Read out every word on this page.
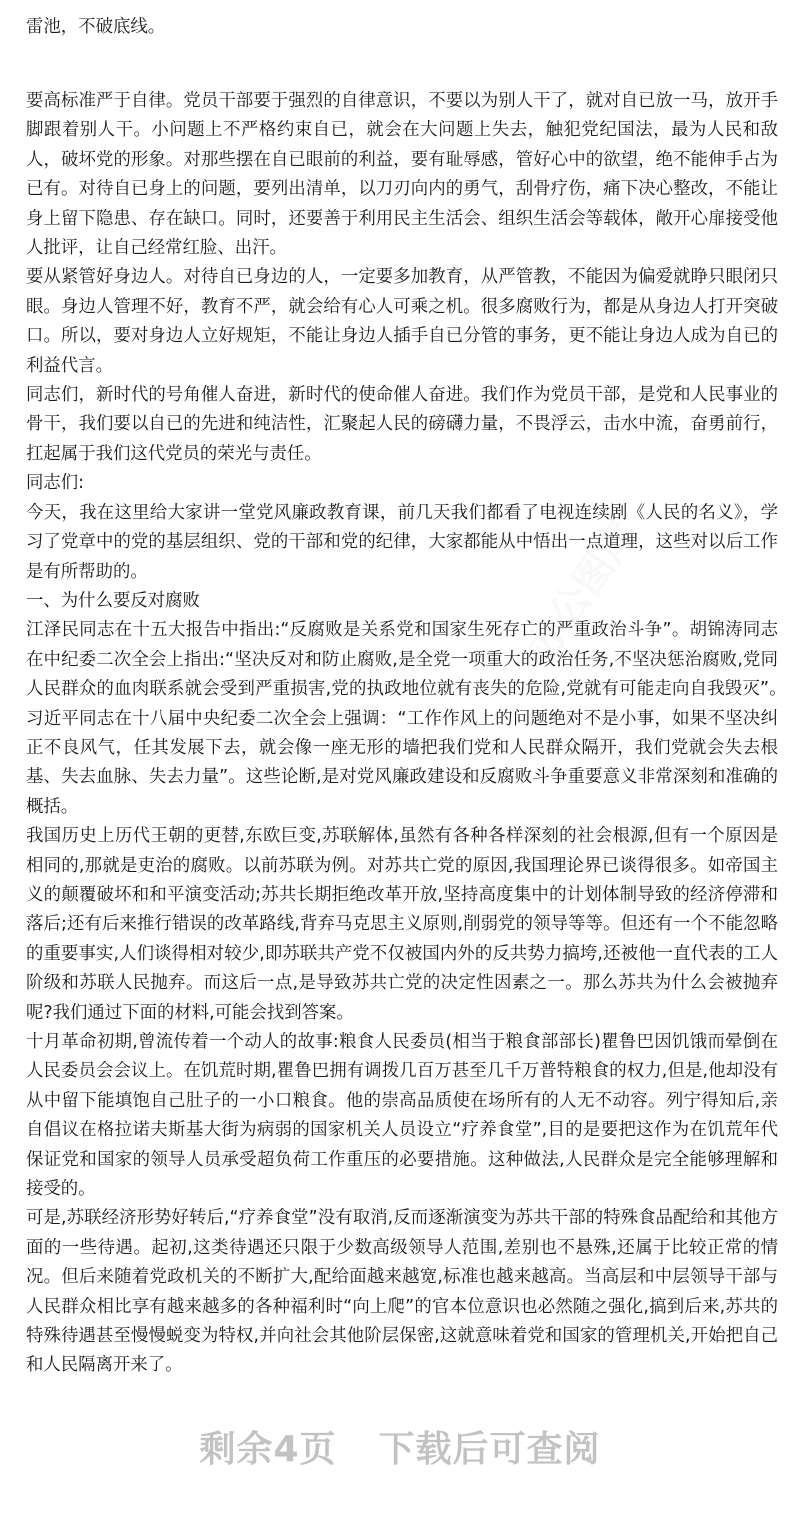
雷池，不破底线。
办公图库

要高标准严于自律。党员干部要于强烈的自律意识，不要以为别人干了，就对自已放一马，放开手脚跟着别人干。小问题上不严格约束自已，就会在大问题上失去，触犯党纪国法，最为人民和敌人，破坏党的形象。对那些摆在自已眼前的利益，要有耻辱感，管好心中的欲望，绝不能伸手占为已有。对待自已身上的问题，要列出清单，以刀刃向内的勇气，刮骨疗伤，痛下决心整改，不能让身上留下隐患、存在缺口。同时，还要善于利用民主生活会、组织生活会等载体，敞开心扉接受他人批评，让自己经常红脸、出汗。

要从紧管好身边人。对待自已身边的人，一定要多加教育，从严管教，不能因为偏爱就睁只眼闭只眼。身边人管理不好，教育不严，就会给有心人可乘之机。很多腐败行为，都是从身边人打开突破口。所以，要对身边人立好规矩，不能让身边人插手自已分管的事务，更不能让身边人成为自已的利益代言。

同志们，新时代的号角催人奋进，新时代的使命催人奋进。我们作为党员干部，是党和人民事业的骨干，我们要以自已的先进和纯洁性，汇聚起人民的磅礴力量，不畏浮云，击水中流，奋勇前行，扛起属于我们这代党员的荣光与责任。

同志们:

今天，我在这里给大家讲一堂党风廉政教育课，前几天我们都看了电视连续剧《人民的名义》，学习了党章中的党的基层组织、党的干部和党的纪律，大家都能从中悟出一点道理，这些对以后工作是有所帮助的。

一、为什么要反对腐败

江泽民同志在十五大报告中指出:“反腐败是关系党和国家生死存亡的严重政治斗争”。胡锦涛同志在中纪委二次全会上指出:“坚决反对和防止腐败,是全党一项重大的政治任务,不坚决惩治腐败,党同人民群众的血肉联系就会受到严重损害,党的执政地位就有丧失的危险,党就有可能走向自我毁灭”。　习近平同志在十八届中央纪委二次全会上强调：“工作作风上的问题绝对不是小事，如果不坚决纠正不良风气，任其发展下去，就会像一座无形的墙把我们党和人民群众隔开，我们党就会失去根基、失去血脉、失去力量”。这些论断,是对党风廉政建设和反腐败斗争重要意义非常深刻和准确的概括。

我国历史上历代王朝的更替,东欧巨变,苏联解体,虽然有各种各样深刻的社会根源,但有一个原因是相同的,那就是吏治的腐败。以前苏联为例。对苏共亡党的原因,我国理论界已谈得很多。如帝国主义的颠覆破坏和和平演变活动;苏共长期拒绝改革开放,坚持高度集中的计划体制导致的经济停滞和落后;还有后来推行错误的改革路线,背弃马克思主义原则,削弱党的领导等等。但还有一个不能忽略的重要事实,人们谈得相对较少,即苏联共产党不仅被国内外的反共势力搞垮,还被他一直代表的工人阶级和苏联人民抛弃。而这后一点,是导致苏共亡党的决定性因素之一。那么苏共为什么会被抛弃呢?我们通过下面的材料,可能会找到答案。

十月革命初期,曾流传着一个动人的故事:粮食人民委员(相当于粮食部部长)瞿鲁巴因饥饿而晕倒在人民委员会会议上。在饥荒时期,瞿鲁巴拥有调拨几百万甚至几千万普特粮食的权力,但是,他却没有从中留下能填饱自己肚子的一小口粮食。他的崇高品质使在场所有的人无不动容。列宁得知后,亲自倡议在格拉诺夫斯基大街为病弱的国家机关人员设立“疗养食堂”,目的是要把这作为在饥荒年代保证党和国家的领导人员承受超负荷工作重压的必要措施。这种做法,人民群众是完全能够理解和接受的。

可是,苏联经济形势好转后,“疗养食堂”没有取消,反而逐渐演变为苏共干部的特殊食品配给和其他方面的一些待遇。起初,这类待遇还只限于少数高级领导人范围,差别也不悬殊,还属于比较正常的情况。但后来随着党政机关的不断扩大,配给面越来越宽,标准也越来越高。当高层和中层领导干部与人民群众相比享有越来越多的各种福利时“向上爬”的官本位意识也必然随之强化,搞到后来,苏共的特殊待遇甚至慢慢蜕变为特权,并向社会其他阶层保密,这就意味着党和国家的管理机关,开始把自己和人民隔离开来了。

剩余4页 下载后可查阅
